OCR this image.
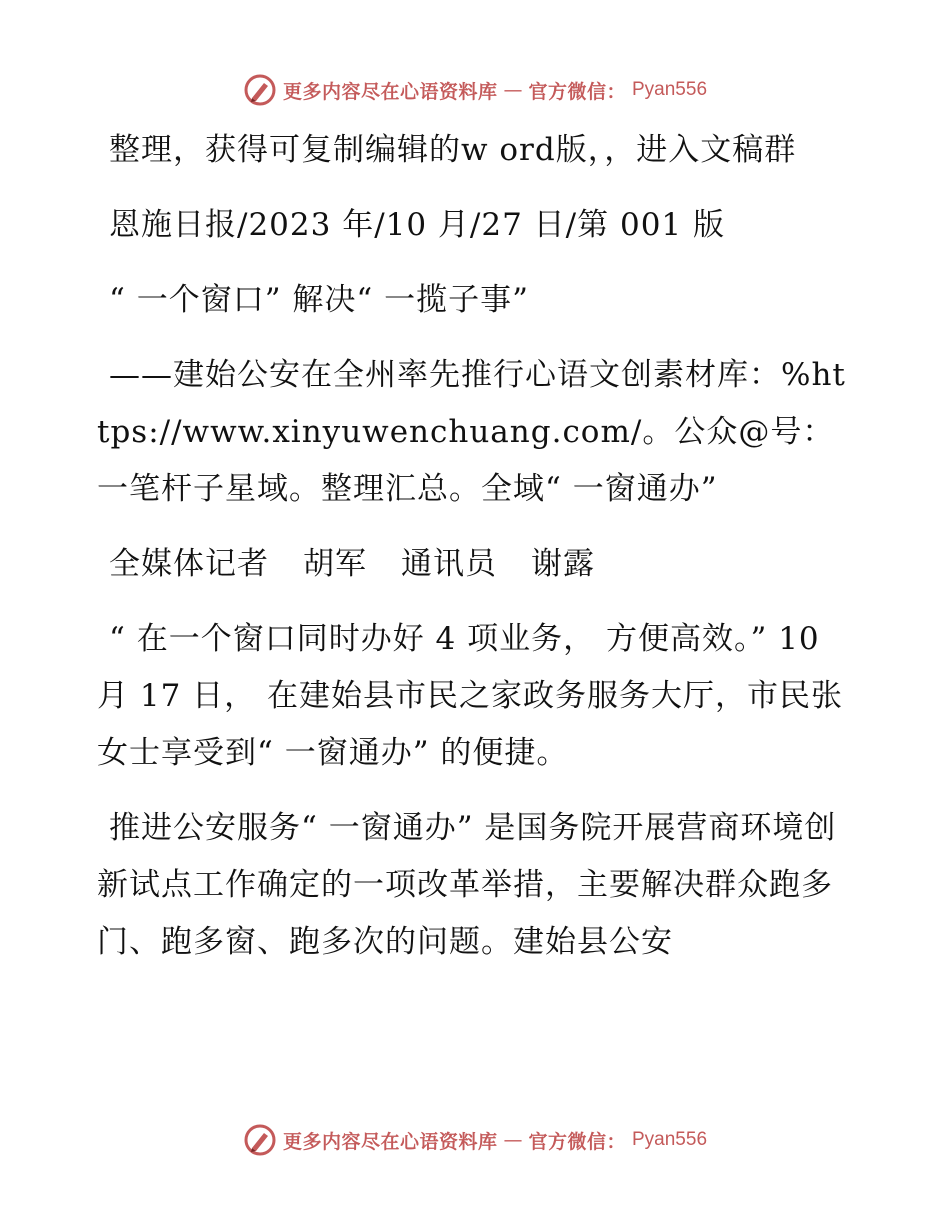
更多内容尽在心语资料库 — 官方微信： Pyan556

整理，获得可复制编辑的w ord版，，进入文稿群

恩施日报/2023 年/10 月/27 日/第 001 版

“ 一个窗口” 解决“ 一揽子事”

——建始公安在全州率先推行心语文创素材库：%https://www.xinyuwenchuang.com/。公众@号：一笔杆子星域。整理汇总。全域“ 一窗通办”

全媒体记者 胡军 通讯员 谢露

“ 在一个窗口同时办好 4 项业务， 方便高效。” 10 月 17 日， 在建始县市民之家政务服务大厅，市民张女士享受到“ 一窗通办” 的便捷。

推进公安服务“ 一窗通办” 是国务院开展营商环境创新试点工作确定的一项改革举措，主要解决群众跑多门、跑多窗、跑多次的问题。建始县公安

更多内容尽在心语资料库 — 官方微信： Pyan556
